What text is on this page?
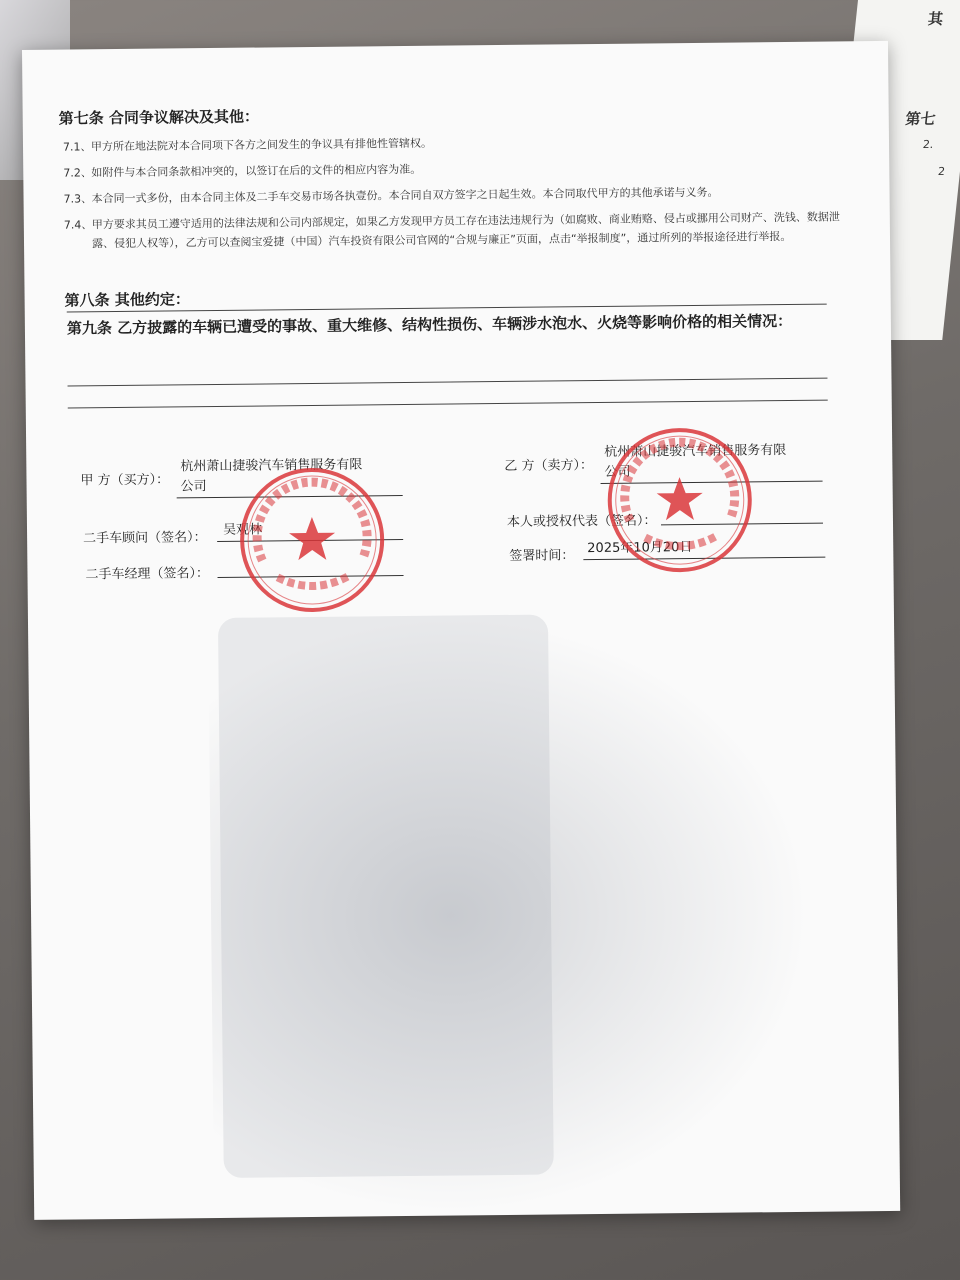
其
第七
2.
2
第七条 合同争议解决及其他：
7.1、 甲方所在地法院对本合同项下各方之间发生的争议具有排他性管辖权。
7.2、 如附件与本合同条款相冲突的，以签订在后的文件的相应内容为准。
7.3、 本合同一式多份，由本合同主体及二手车交易市场各执壹份。本合同自双方签字之日起生效。本合同取代甲方的其他承诺与义务。
7.4、 甲方要求其员工遵守适用的法律法规和公司内部规定，如果乙方发现甲方员工存在违法违规行为（如腐败、商业贿赂、侵占或挪用公司财产、洗钱、数据泄露、侵犯人权等），乙方可以查阅宝爱捷（中国）汽车投资有限公司官网的“合规与廉正”页面，点击“举报制度”，通过所列的举报途径进行举报。
第八条 其他约定：
第九条 乙方披露的车辆已遭受的事故、重大维修、结构性损伤、车辆涉水泡水、火烧等影响价格的相关情况：
甲 方（买方）：
杭州萧山捷骏汽车销售服务有限
公司
二手车顾问（签名）： 吴观林
二手车经理（签名）：
乙 方（卖方）：
杭州萧山捷骏汽车销售服务有限
公司
本人或授权代表（签名）：
签署时间： 2025年10月20日
